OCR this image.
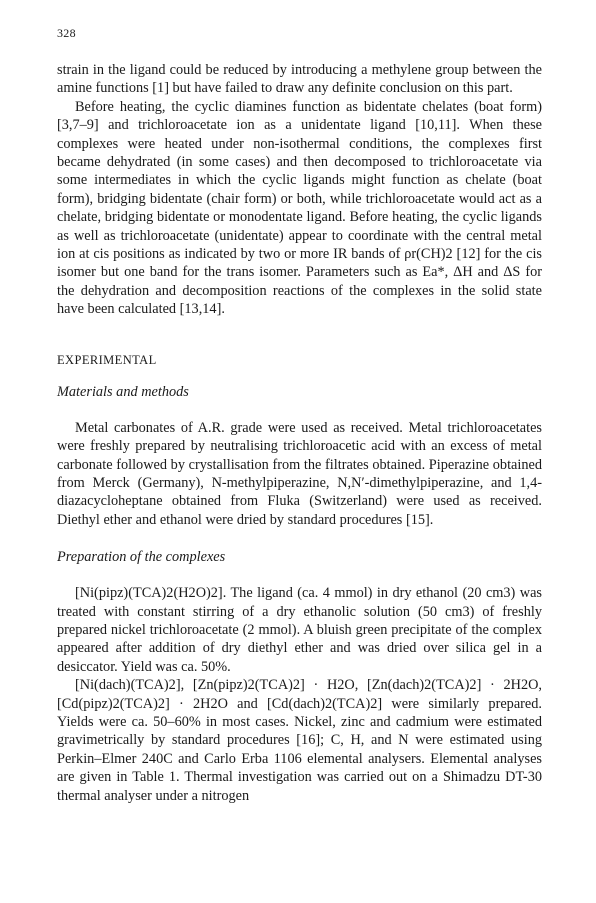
328

strain in the ligand could be reduced by introducing a methylene group between the amine functions [1] but have failed to draw any definite conclusion on this part.

Before heating, the cyclic diamines function as bidentate chelates (boat form) [3,7–9] and trichloroacetate ion as a unidentate ligand [10,11]. When these complexes were heated under non-isothermal conditions, the complexes first became dehydrated (in some cases) and then decomposed to trichloroacetate via some intermediates in which the cyclic ligands might function as chelate (boat form), bridging bidentate (chair form) or both, while trichloroacetate would act as a chelate, bridging bidentate or monodentate ligand. Before heating, the cyclic ligands as well as trichloroacetate (unidentate) appear to coordinate with the central metal ion at cis positions as indicated by two or more IR bands of ρr(CH)2 [12] for the cis isomer but one band for the trans isomer. Parameters such as Ea*, ΔH and ΔS for the dehydration and decomposition reactions of the complexes in the solid state have been calculated [13,14].

EXPERIMENTAL
Materials and methods

Metal carbonates of A.R. grade were used as received. Metal trichloroacetates were freshly prepared by neutralising trichloroacetic acid with an excess of metal carbonate followed by crystallisation from the filtrates obtained. Piperazine obtained from Merck (Germany), N-methylpiperazine, N,N′-dimethylpiperazine, and 1,4-diazacycloheptane obtained from Fluka (Switzerland) were used as received. Diethyl ether and ethanol were dried by standard procedures [15].

Preparation of the complexes

[Ni(pipz)(TCA)2(H2O)2]. The ligand (ca. 4 mmol) in dry ethanol (20 cm3) was treated with constant stirring of a dry ethanolic solution (50 cm3) of freshly prepared nickel trichloroacetate (2 mmol). A bluish green precipitate of the complex appeared after addition of dry diethyl ether and was dried over silica gel in a desiccator. Yield was ca. 50%.

[Ni(dach)(TCA)2], [Zn(pipz)2(TCA)2] · H2O, [Zn(dach)2(TCA)2] · 2H2O, [Cd(pipz)2(TCA)2] · 2H2O and [Cd(dach)2(TCA)2] were similarly prepared. Yields were ca. 50–60% in most cases. Nickel, zinc and cadmium were estimated gravimetrically by standard procedures [16]; C, H, and N were estimated using Perkin–Elmer 240C and Carlo Erba 1106 elemental analysers. Elemental analyses are given in Table 1. Thermal investigation was carried out on a Shimadzu DT-30 thermal analyser under a nitrogen
